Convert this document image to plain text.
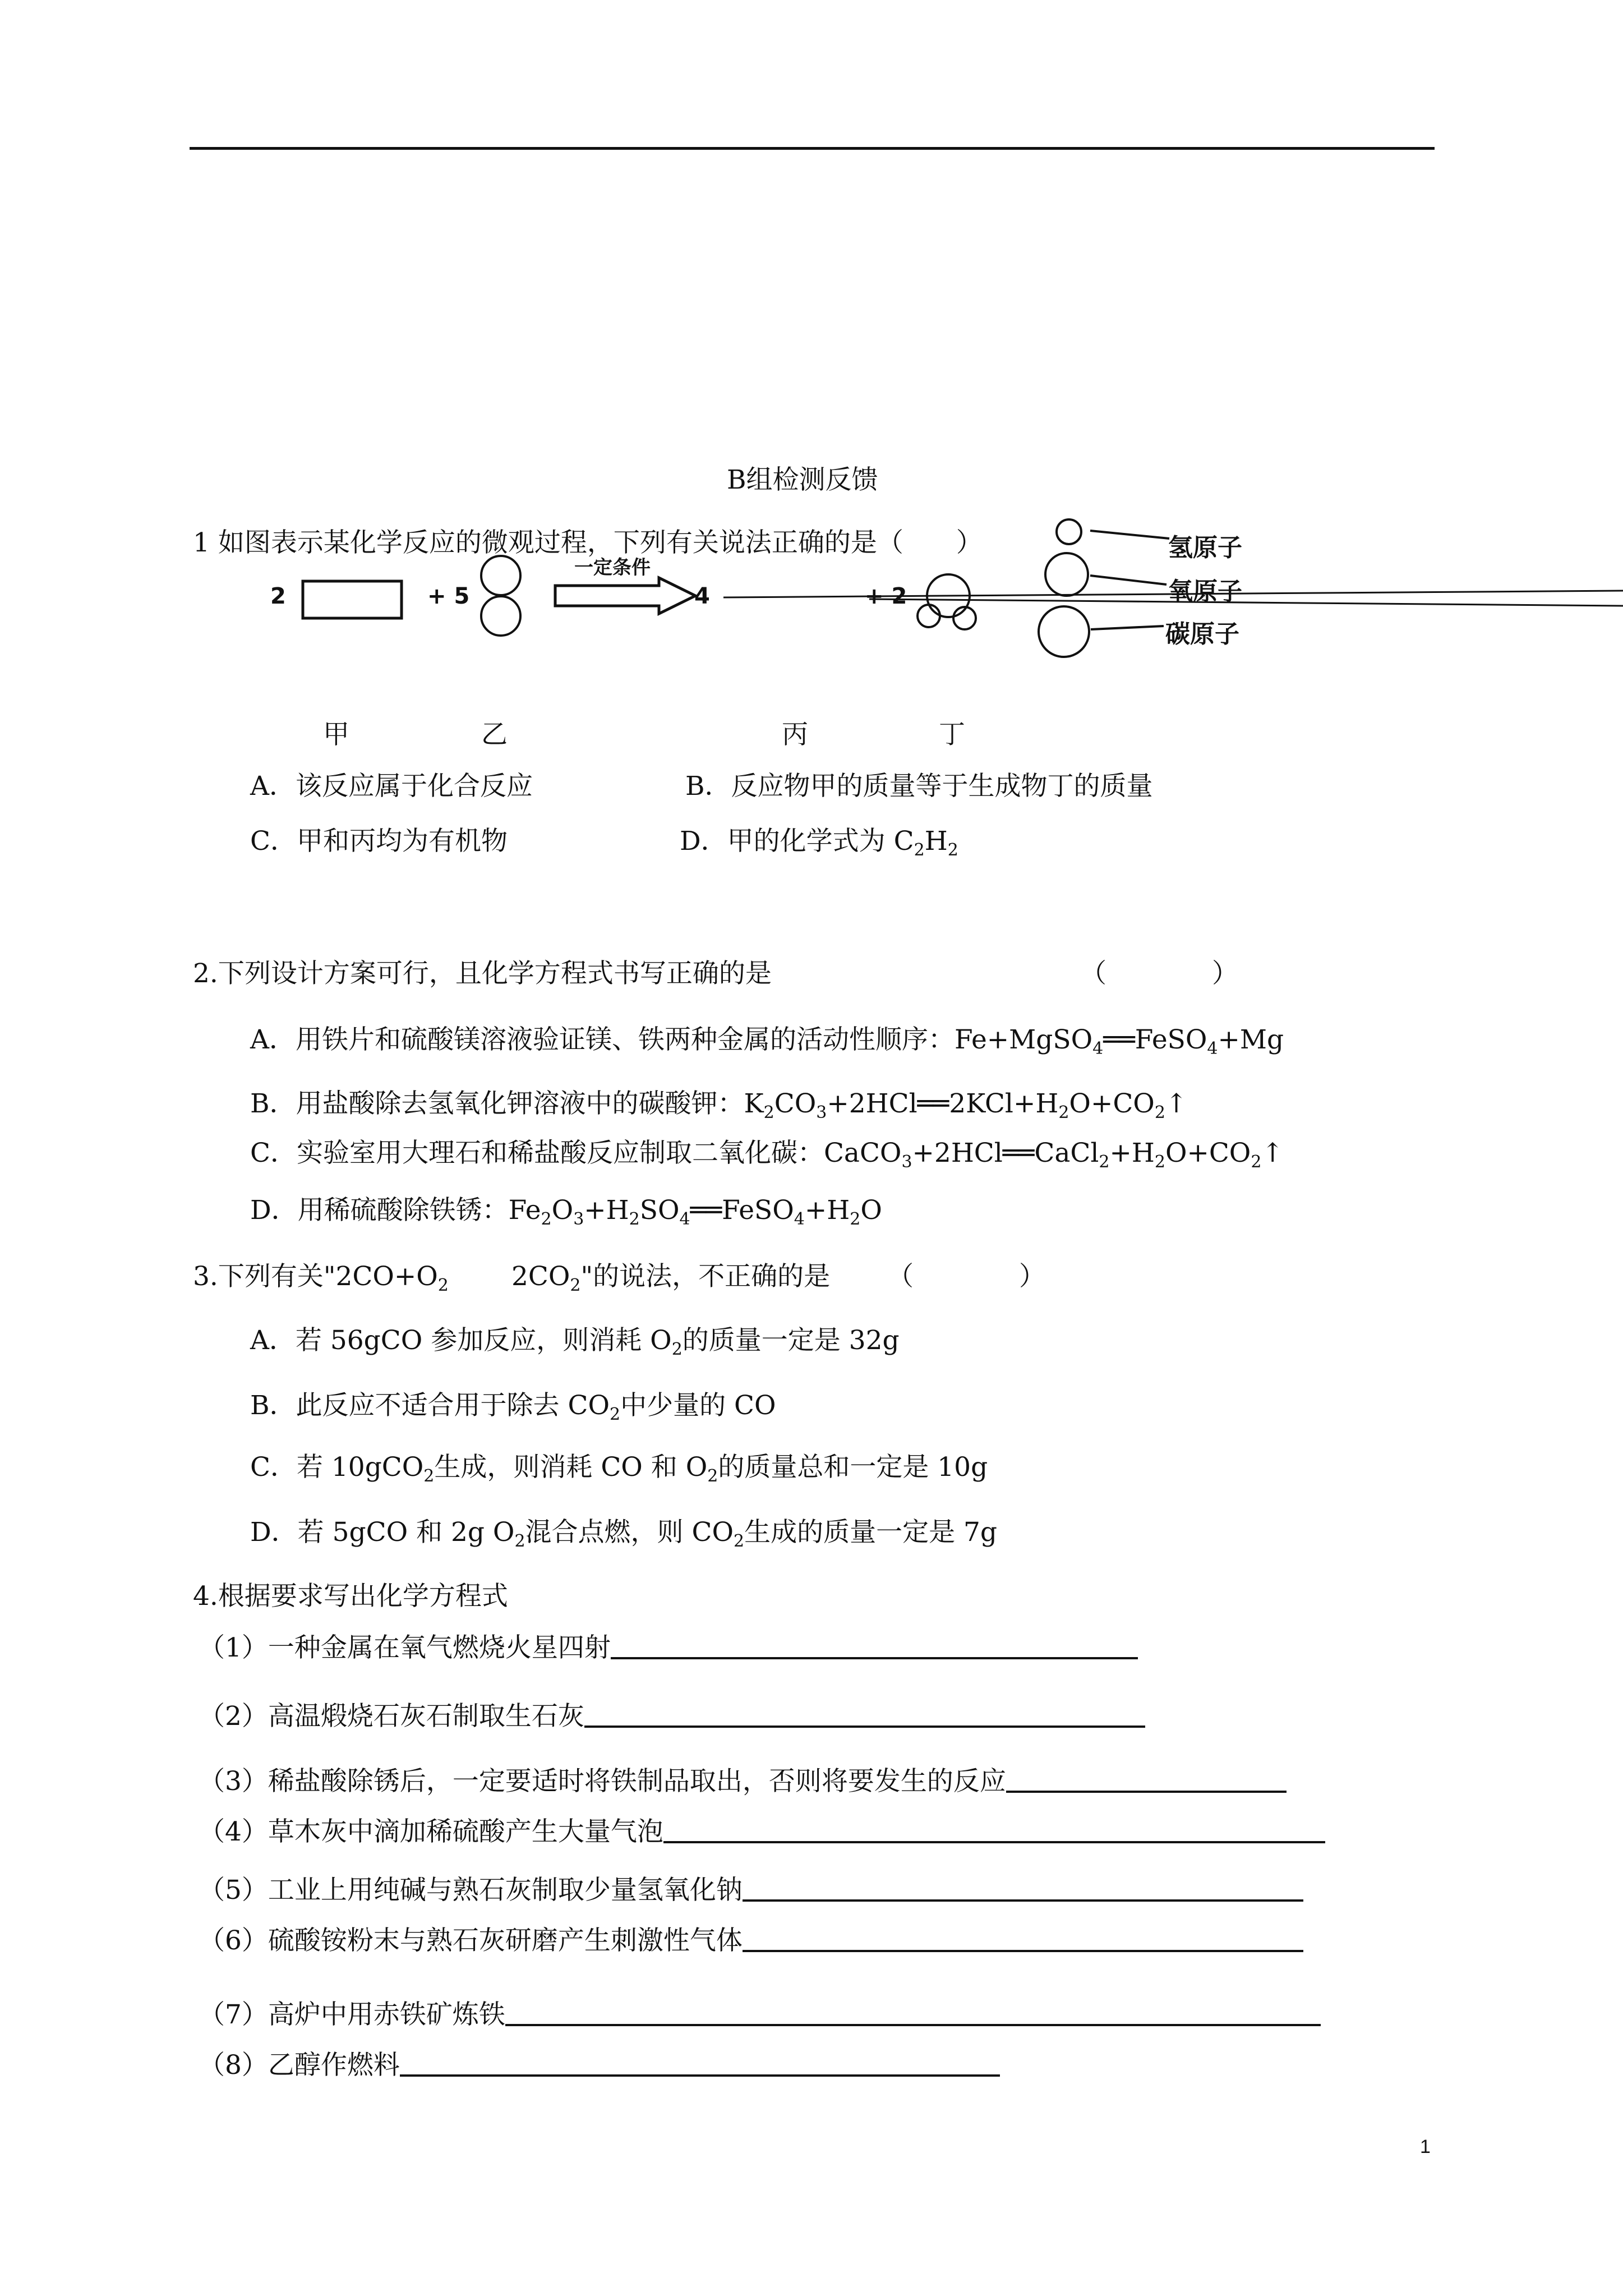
B组检测反馈
1 如图表示某化学反应的微观过程，下列有关说法正确的是（　　）
2	+ 5
一定条件
4	+ 2
氢原子
氧原子
碳原子
甲	乙	丙	丁
A．该反应属于化合反应	B．反应物甲的质量等于生成物丁的质量
C．甲和丙均为有机物	D．甲的化学式为 $C_2H_2$
2.下列设计方案可行，且化学方程式书写正确的是	（　　　　）
A．用铁片和硫酸镁溶液验证镁、铁两种金属的活动性顺序：Fe+MgSO$_4$══FeSO$_4$+Mg
B．用盐酸除去氢氧化钾溶液中的碳酸钾：$K_2CO_3+2HCl══2KCl+H_2O+CO_2↑$
C．实验室用大理石和稀盐酸反应制取二氧化碳：$CaCO_3+2HCl══CaCl_2+H_2O+CO_2↑$
D．用稀硫酸除铁锈：$Fe_2O_3+H_2SO_4══FeSO_4+H_2O$
3.下列有关"$2CO+O_2$ $2CO_2$"的说法，不正确的是 （　　　　）
A．若 56gCO 参加反应，则消耗 $O_2$的质量一定是 32g
B．此反应不适合用于除去 $CO_2$中少量的 CO
C．若 10gCO$_2$生成，则消耗 CO 和 $O_2$的质量总和一定是 10g
D．若 5gCO 和 2g $O_2$混合点燃，则 $CO_2$生成的质量一定是 7g
4.根据要求写出化学方程式
（1）一种金属在氧气燃烧火星四射
（2）高温煅烧石灰石制取生石灰
（3）稀盐酸除锈后，一定要适时将铁制品取出，否则将要发生的反应
（4）草木灰中滴加稀硫酸产生大量气泡
（5）工业上用纯碱与熟石灰制取少量氢氧化钠
（6）硫酸铵粉末与熟石灰研磨产生刺激性气体
（7）高炉中用赤铁矿炼铁
（8）乙醇作燃料
1
